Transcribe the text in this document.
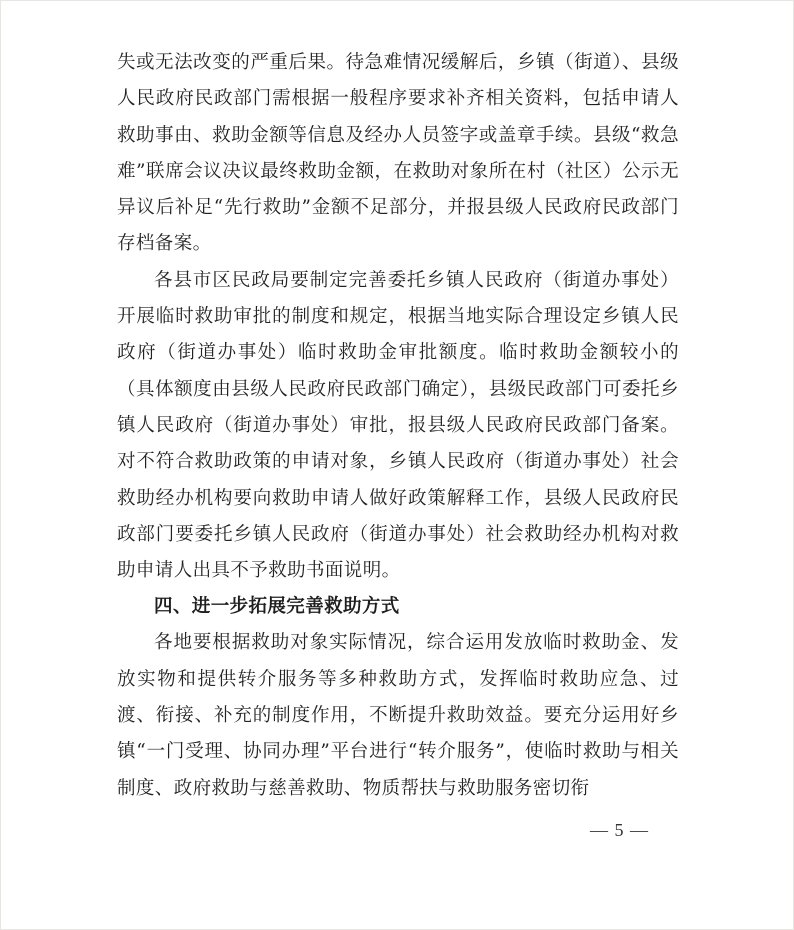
失或无法改变的严重后果。待急难情况缓解后，乡镇（街道）、县级人民政府民政部门需根据一般程序要求补齐相关资料，包括申请人救助事由、救助金额等信息及经办人员签字或盖章手续。县级“救急难”联席会议决议最终救助金额，在救助对象所在村（社区）公示无异议后补足“先行救助”金额不足部分，并报县级人民政府民政部门存档备案。

各县市区民政局要制定完善委托乡镇人民政府（街道办事处）开展临时救助审批的制度和规定，根据当地实际合理设定乡镇人民政府（街道办事处）临时救助金审批额度。临时救助金额较小的（具体额度由县级人民政府民政部门确定），县级民政部门可委托乡镇人民政府（街道办事处）审批，报县级人民政府民政部门备案。对不符合救助政策的申请对象，乡镇人民政府（街道办事处）社会救助经办机构要向救助申请人做好政策解释工作，县级人民政府民政部门要委托乡镇人民政府（街道办事处）社会救助经办机构对救助申请人出具不予救助书面说明。

四、进一步拓展完善救助方式

各地要根据救助对象实际情况，综合运用发放临时救助金、发放实物和提供转介服务等多种救助方式，发挥临时救助应急、过渡、衔接、补充的制度作用，不断提升救助效益。要充分运用好乡镇“一门受理、协同办理”平台进行“转介服务”，使临时救助与相关制度、政府救助与慈善救助、物质帮扶与救助服务密切衔

— 5 —
